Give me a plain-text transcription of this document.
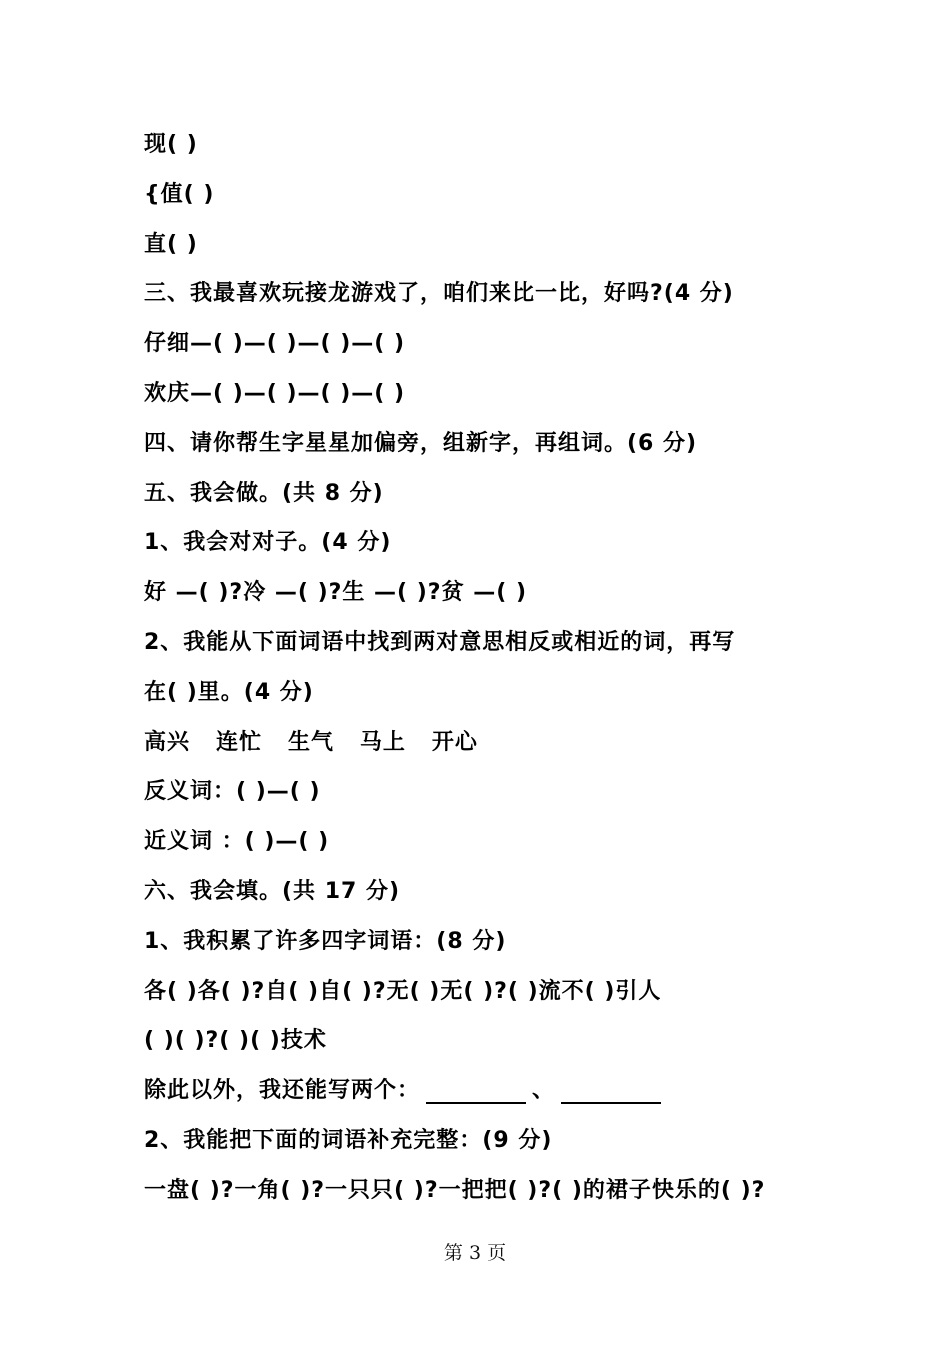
现( )
{值( )
直( )
三、我最喜欢玩接龙游戏了，咱们来比一比，好吗?(4 分)
仔细—( )—( )—( )—( )
欢庆—( )—( )—( )—( )
四、请你帮生字星星加偏旁，组新字，再组词。(6 分)
五、我会做。(共 8 分)
1、我会对对子。(4 分)
好 —( )?冷 —( )?生 —( )?贫 —( )
2、我能从下面词语中找到两对意思相反或相近的词，再写
在( )里。(4 分)
高兴   连忙   生气   马上   开心
反义词：( )—( )
近义词 ：( )—( )
六、我会填。(共 17 分)
1、我积累了许多四字词语：(8 分)
各( )各( )?自( )自( )?无( )无( )?( )流不( )引人
( )( )?( )( )技术
除此以外，我还能写两个：	、
2、我能把下面的词语补充完整：(9 分)
一盘( )?一角( )?一只只( )?一把把( )?( )的裙子快乐的( )?
第 3 页
